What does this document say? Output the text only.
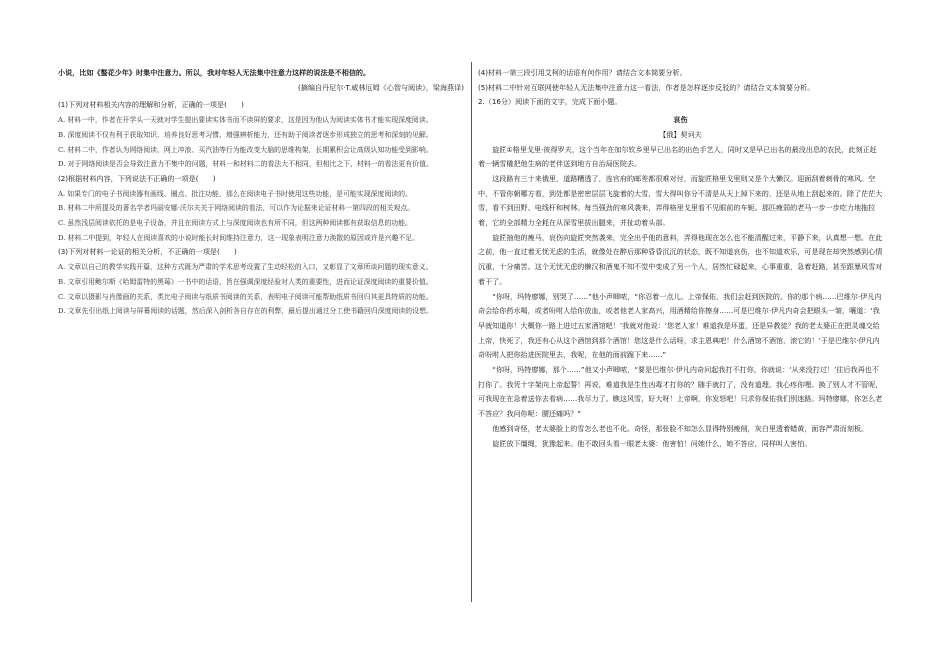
小说，比如《螯花少年》时集中注意力。所以，我对年轻人无法集中注意力这样的说法是不相信的。

(摘编自丹尼尔·T.威林厄姆《心智与阅读》，梁海燕译)

(1)下列对材料相关内容的理解和分析，正确的一项是(　　)

A. 材料一中，作者在开学头一天就对学生提出要读实体书而不读屏的要求，这是因为他认为阅读实体书才能实现深度阅读。

B. 深度阅读不仅有利于获取知识、培养良好思考习惯、增强辨析能力，还有助于阅读者逐步形成独立的思考和深刻的见解。

C. 材料二中，作者认为网络阅读、网上冲浪、买汽油等行为能改变大脑的思维构架，长期累积会让高级认知功能受到影响。

D. 对于网络阅读是否会导致注意力不集中的问题，材料一和材料二的看法大不相同，但相比之下，材料一的看法更有价值。

(2)根据材料内容，下列说法不正确的一项是(　　)

A. 如果专门的电子书阅读器有画线、圈点、批注功能，那么在阅读电子书时使用这些功能，是可能实现深度阅读的。

B. 材料二中所提及的著名学者玛丽安娜·沃尔夫关于网络阅读的看法，可以作为论据来论证材料一第四段的相关观点。

C. 虽然浅层阅读依托的是电子设备，并且在阅读方式上与深度阅读也有所不同，但这两种阅读都有获取信息的功能。

D. 材料二中提到，年轻人在阅读喜欢的小说时能长时间维持注意力，这一现象表明注意力涣散的原因或许是兴趣不足。

(3)下列对材料一论证的相关分析，不正确的一项是(　　)

A. 文章以自己的教学实践开篇，这种方式既为严肃的学术思考设置了生动轻松的入口，又彰显了文章所谈问题的现实意义。

B. 文章引用鲍尔斯《哈姆雷特的黑莓》一书中的话语，旨在强调深度经验对人类的重要性，进而论证深度阅读的重要价值。

C. 文章以摄影与肖像画的关系，类比电子阅读与纸质书阅读的关系，表明电子阅读可能帮助纸质书回归其更具特质的功能。

D. 文章先引出纸上阅读与屏幕阅读的话题，然后深入剖析各自存在的利弊，最后提出通过分工使书籍回归深度阅读的设想。

(4)材料一第三段引用艾柯的话语有何作用？请结合文本简要分析。

(5)材料二中针对互联网使年轻人无法集中注意力这一看法，作者是怎样逐步反驳的？请结合文本简要分析。

2.（16分）阅读下面的文字，完成下面小题。

哀伤

【俄】契诃夫

旋匠①格里戈里·彼得罗夫，这个当年在加尔钦乡里早已出名的出色手艺人，同时又是早已出名的最没出息的农民，此刻正赶着一辆雪橇把他生病的老伴送到地方自治局医院去。

这段路有三十来俄里，道路糟透了，连官府的邮差都很难对付，而旋匠格里戈里则又是个大懒汉。迎面刮着刺骨的寒风。空中，不管你朝哪方看，到处都是密密层层飞旋着的大雪，雪大得叫你分不清是从天上掉下来的，还是从地上刮起来的。除了茫茫大雪，看不到田野、电线杆和树林。每当强劲的寒风袭来，弄得格里戈里看不见眼前的车轭。那匹瘦弱的老马一步一步吃力地拖拉着，它的全部精力全耗在从深雪里拔出腿来，并扯动着头部。

旋匠抽他的瘦马，哀伤向旋匠突然袭来，完全出乎他的意料，弄得他现在怎么也不能清醒过来，平静下来，认真想一想。在此之前，他一直过着无忧无虑的生活，就像处在醉后那种昏昏沉沉的状态，既不知道哀伤，也不知道欢乐，可是现在却突然感到心情沉重，十分痛苦。这个无忧无虑的懒汉和酒鬼不知不觉中变成了另一个人，居然忙碌起来，心事重重，急着赶路，甚至跟暴风雪对着干了。

“你呀，玛特廖娜，别哭了……”他小声唧哝，“你忍着一点儿。上帝保佑，我们会赶到医院的。你的那个病……巴维尔·伊凡内奇会给你药水喝，或者吩咐人给你放血，或者他老人家高兴，用酒精给你擦身……可是巴维尔·伊凡内奇会把眼头一皱，嚷道：‘我早就知道你！大概你一路上进过五家酒馆吧！’我就对他说：‘您老人家！难道我是坏蛋，还是异教徒？我的老太婆正在把灵魂交给上帝，快死了，我还有心从这个酒馆到那个酒馆！您这是什么话呀，求主恩典吧！什么酒馆不酒馆，滚它的！’于是巴维尔·伊凡内奇吩咐人把你抬进医院里去，我呢，在他的面前跪下来……”

“你呀，玛特廖娜，那个……”他又小声唧哝，“要是巴维尔·伊凡内奇问起我打不打你，你就说：‘从来没打过！’往后我再也不打你了。我凭十字架向上帝起誓！再说，难道我是生性凶毒才打你的？随手就打了，没有道理。我心疼你哩。换了别人才不管呢，可我现在在急着送你去看病……我尽力了。瞧这风雪，好大呀！上帝啊，你发怒吧！只求你保佑我们别迷路。玛特廖娜，你怎么老不答应？我问你呢：腰还痛吗？”

他感到奇怪，老太婆脸上的雪怎么老也不化。奇怪，那张脸不知怎么显得特别瘦削，灰白里透着蜡黄，面容严肃而刻板。

旋匠放下缰绳，犹豫起来。他不敢回头看一眼老太婆：他害怕！问她什么，她不答应，同样叫人害怕。
